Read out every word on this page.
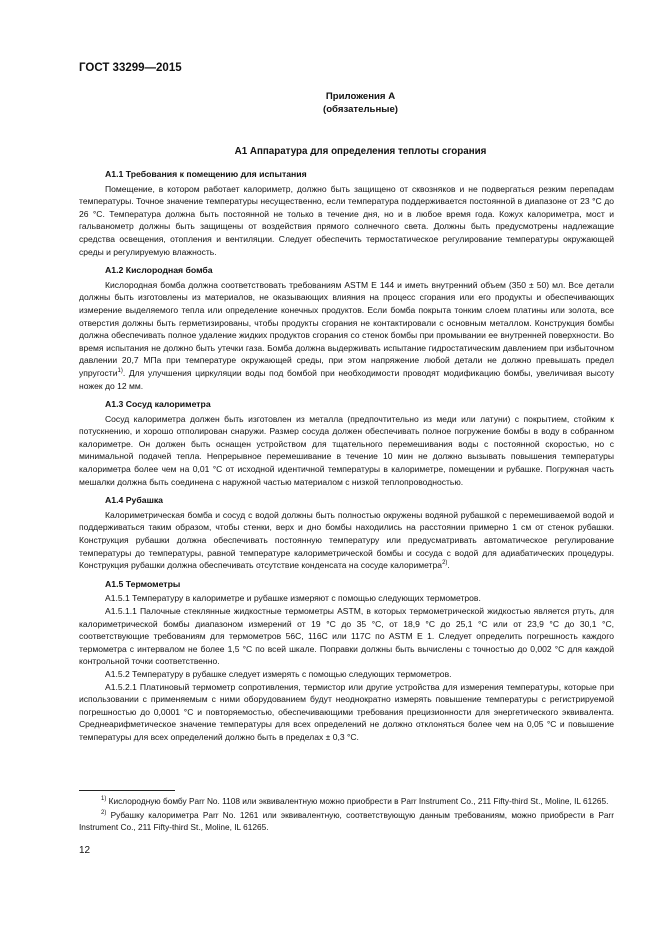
ГОСТ 33299—2015
Приложения А
(обязательные)
А1 Аппаратура для определения теплоты сгорания
А1.1 Требования к помещению для испытания

Помещение, в котором работает калориметр, должно быть защищено от сквозняков и не подвергаться резким перепадам температуры. Точное значение температуры несущественно, если температура поддерживается постоянной в диапазоне от 23 °С до 26 °С. Температура должна быть постоянной не только в течение дня, но и в любое время года. Кожух калориметра, мост и гальванометр должны быть защищены от воздействия прямого солнечного света. Должны быть предусмотрены надлежащие средства освещения, отопления и вентиляции. Следует обеспечить термостатическое регулирование температуры окружающей среды и регулируемую влажность.

А1.2 Кислородная бомба

Кислородная бомба должна соответствовать требованиям ASTM E 144 и иметь внутренний объем (350 ± 50) мл. Все детали должны быть изготовлены из материалов, не оказывающих влияния на процесс сгорания или его продукты и обеспечивающих измерение выделяемого тепла или определение конечных продуктов. Если бомба покрыта тонким слоем платины или золота, все отверстия должны быть герметизированы, чтобы продукты сгорания не контактировали с основным металлом. Конструкция бомбы должна обеспечивать полное удаление жидких продуктов сгорания со стенок бомбы при промывании ее внутренней поверхности. Во время испытания не должно быть утечки газа. Бомба должна выдерживать испытание гидростатическим давлением при избыточном давлении 20,7 МПа при температуре окружающей среды, при этом напряжение любой детали не должно превышать предел упругости$^{1)}$. Для улучшения циркуляции воды под бомбой при необходимости проводят модификацию бомбы, увеличивая высоту ножек до 12 мм.

А1.3 Сосуд калориметра

Сосуд калориметра должен быть изготовлен из металла (предпочтительно из меди или латуни) с покрытием, стойким к потускнению, и хорошо отполирован снаружи. Размер сосуда должен обеспечивать полное погружение бомбы в воду в собранном калориметре. Он должен быть оснащен устройством для тщательного перемешивания воды с постоянной скоростью, но с минимальной подачей тепла. Непрерывное перемешивание в течение 10 мин не должно вызывать повышения температуры калориметра более чем на 0,01 °С от исходной идентичной температуры в калориметре, помещении и рубашке. Погружная часть мешалки должна быть соединена с наружной частью материалом с низкой теплопроводностью.

А1.4 Рубашка

Калориметрическая бомба и сосуд с водой должны быть полностью окружены водяной рубашкой с перемешиваемой водой и поддерживаться таким образом, чтобы стенки, верх и дно бомбы находились на расстоянии примерно 1 см от стенок рубашки. Конструкция рубашки должна обеспечивать постоянную температуру или предусматривать автоматическое регулирование температуры до температуры, равной температуре калориметрической бомбы и сосуда с водой для адиабатических процедуры. Конструкция рубашки должна обеспечивать отсутствие конденсата на сосуде калориметра$^{2)}$.

А1.5 Термометры

А1.5.1 Температуру в калориметре и рубашке измеряют с помощью следующих термометров.

А1.5.1.1 Палочные стеклянные жидкостные термометры ASTM, в которых термометрической жидкостью является ртуть, для калориметрической бомбы диапазоном измерений от 19 °С до 35 °С, от 18,9 °С до 25,1 °С или от 23,9 °С до 30,1 °С, соответствующие требованиям для термометров 56С, 116С или 117С по ASTM E 1. Следует определить погрешность каждого термометра с интервалом не более 1,5 °С по всей шкале. Поправки должны быть вычислены с точностью до 0,002 °С для каждой контрольной точки соответственно.

А1.5.2 Температуру в рубашке следует измерять с помощью следующих термометров.

А1.5.2.1 Платиновый термометр сопротивления, термистор или другие устройства для измерения температуры, которые при использовании с применяемым с ними оборудованием будут неоднократно измерять повышение температуры с регистрируемой погрешностью до 0,0001 °С и повторяемостью, обеспечивающими требования прецизионности для энергетического эквивалента. Среднеарифметическое значение температуры для всех определений не должно отклоняться более чем на 0,05 °С и повышение температуры для всех определений должно быть в пределах ± 0,3 °С.

$^{1)}$ Кислородную бомбу Parr No. 1108 или эквивалентную можно приобрести в Parr Instrument Co., 211 Fifty-third St., Moline, IL 61265.

$^{2)}$ Рубашку калориметра Parr No. 1261 или эквивалентную, соответствующую данным требованиям, можно приобрести в Parr Instrument Co., 211 Fifty-third St., Moline, IL 61265.

12
